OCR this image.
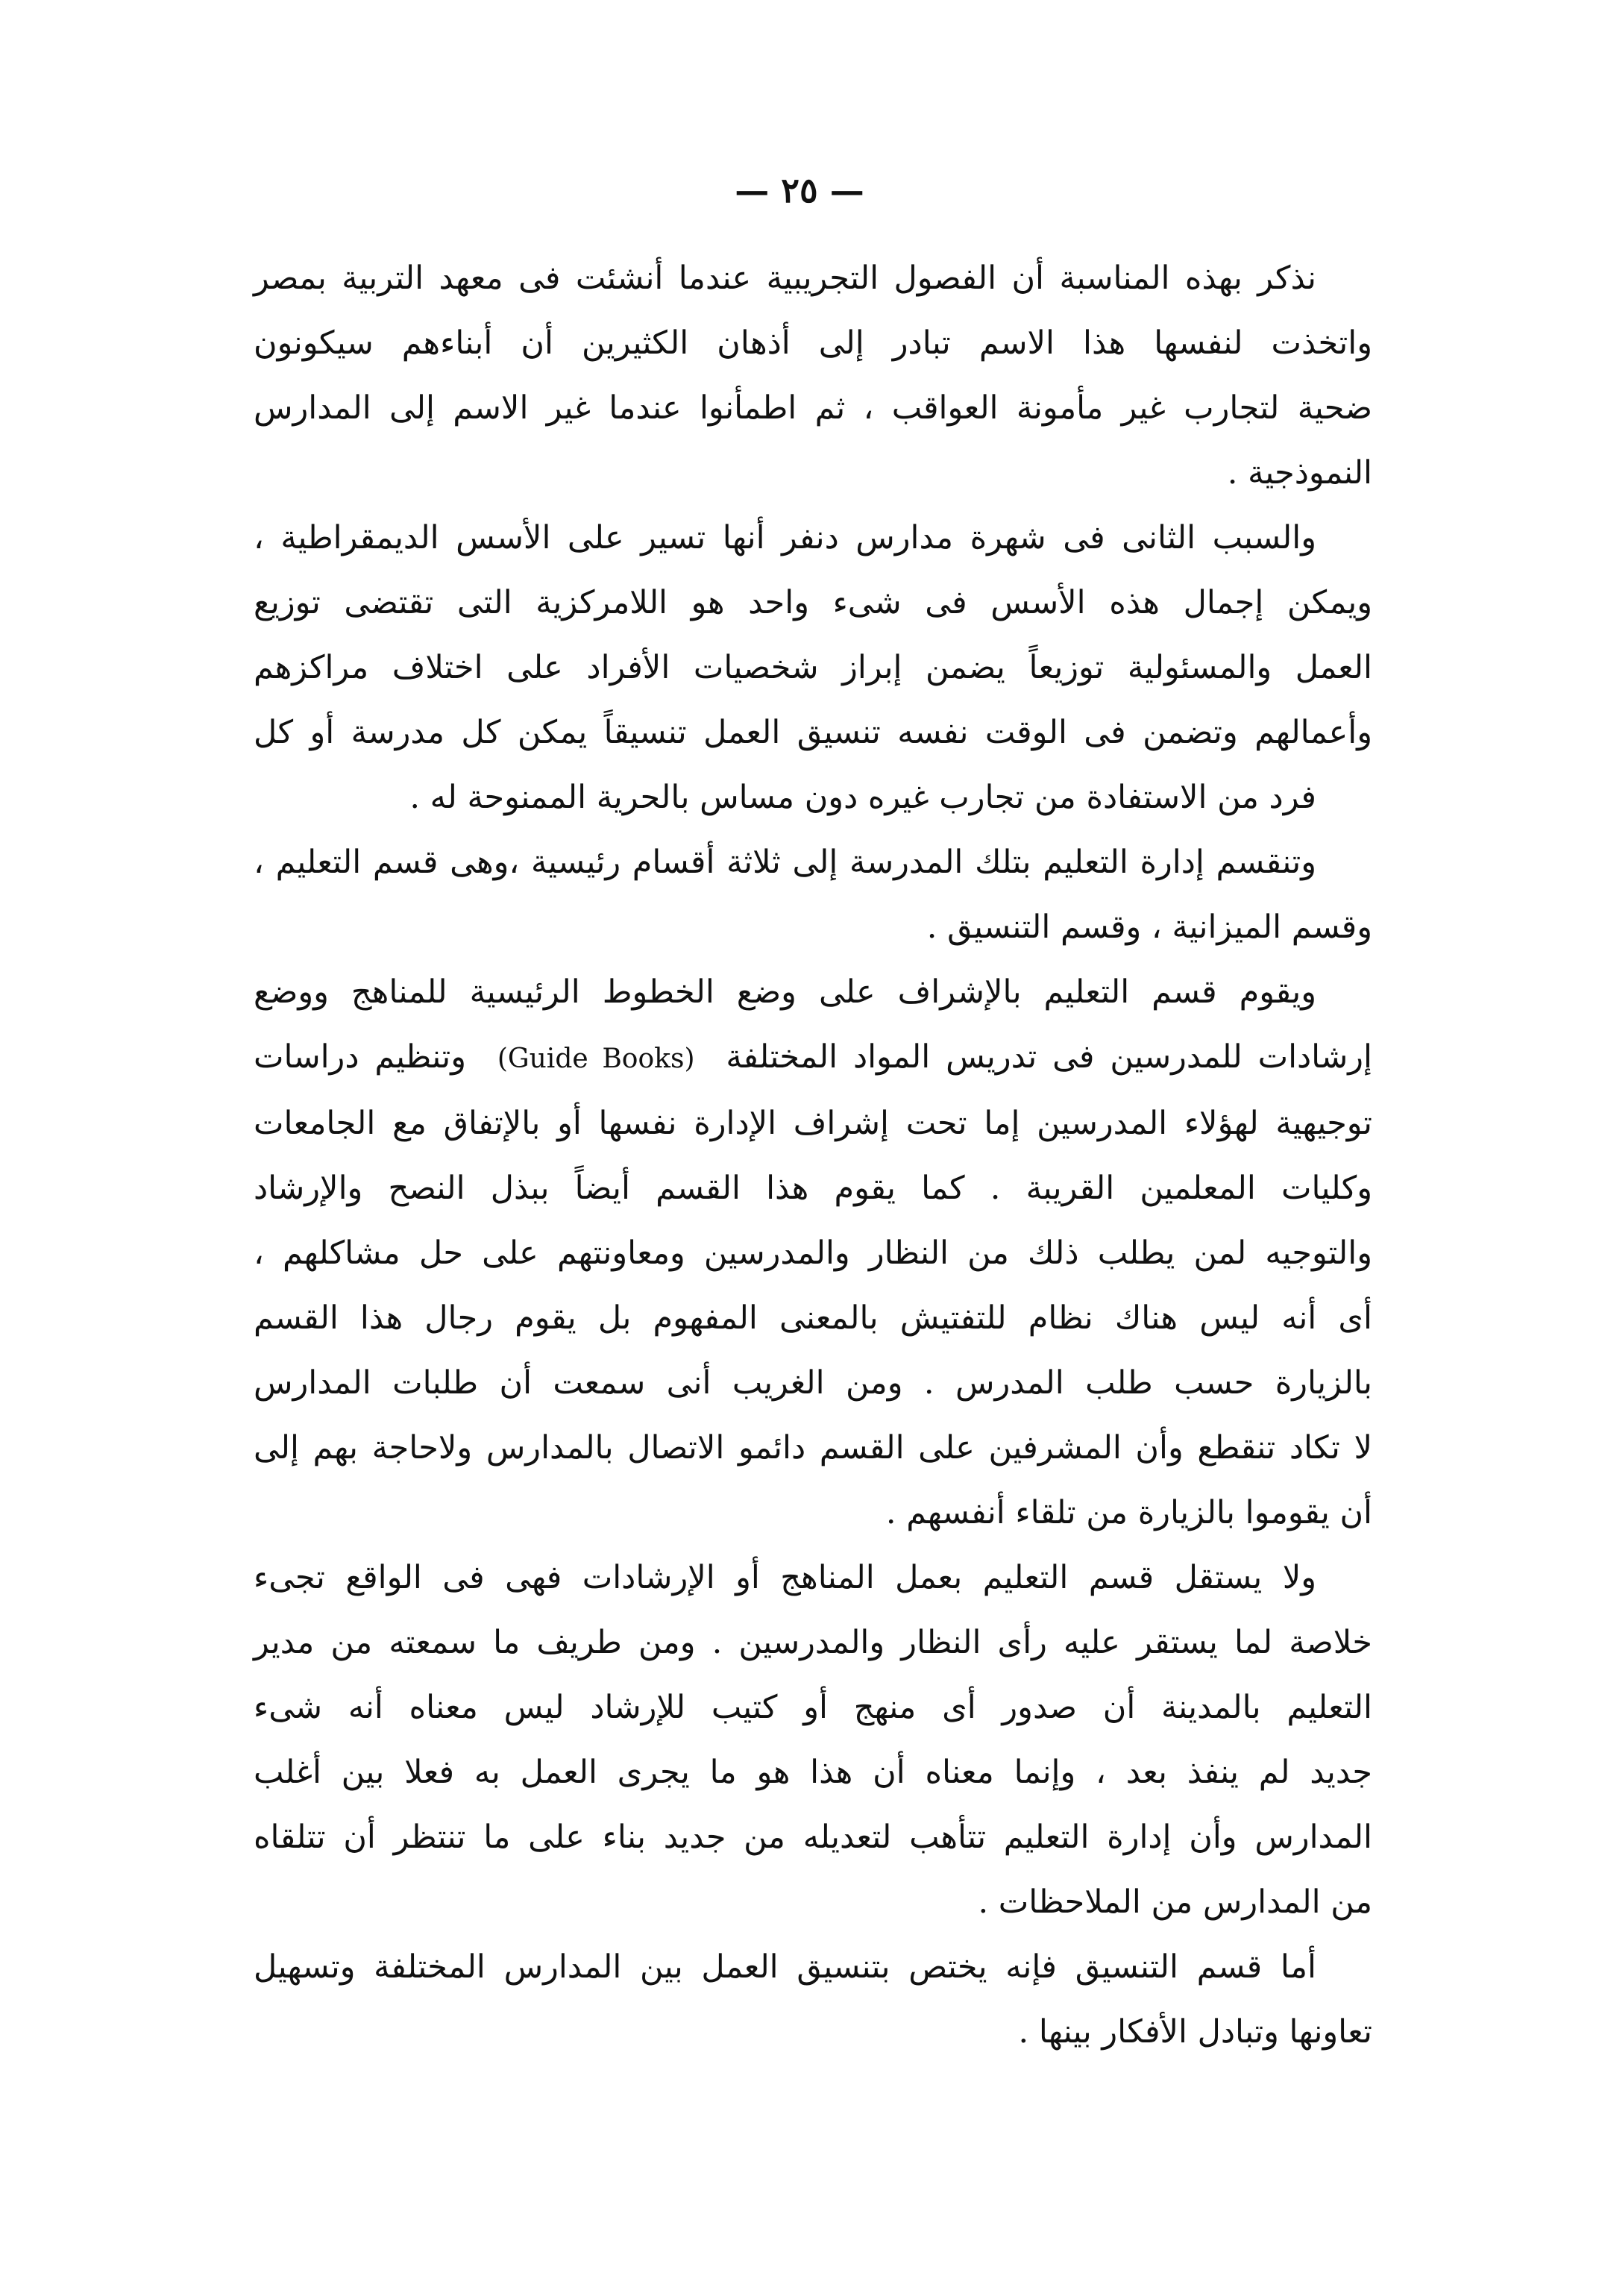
— ٢٥ —
نذكر بهذه المناسبة أن الفصول التجريبية عندما أنشئت فى معهد التربية بمصر
واتخذت لنفسها هذا الاسم تبادر إلى أذهان الكثيرين أن أبناءهم سيكونون
ضحية لتجارب غير مأمونة العواقب ، ثم اطمأنوا عندما غير الاسم إلى المدارس
النموذجية .
والسبب الثانى فى شهرة مدارس دنفر أنها تسير على الأسس الديمقراطية ،
ويمكن إجمال هذه الأسس فى شىء واحد هو اللامركزية التى تقتضى توزيع
العمل والمسئولية توزيعاً يضمن إبراز شخصيات الأفراد على اختلاف مراكزهم
وأعمالهم وتضمن فى الوقت نفسه تنسيق العمل تنسيقاً يمكن كل مدرسة أو كل
فرد من الاستفادة من تجارب غيره دون مساس بالحرية الممنوحة له .
وتنقسم إدارة التعليم بتلك المدرسة إلى ثلاثة أقسام رئيسية ،وهى قسم التعليم ،
وقسم الميزانية ، وقسم التنسيق .
ويقوم قسم التعليم بالإشراف على وضع الخطوط الرئيسية للمناهج ووضع
إرشادات للمدرسين فى تدريس المواد المختلفة  (Guide Books)  وتنظيم دراسات
توجيهية لهؤلاء المدرسين إما تحت إشراف الإدارة نفسها أو بالإتفاق مع الجامعات
وكليات المعلمين القريبة . كما يقوم هذا القسم أيضاً ببذل النصح والإرشاد
والتوجيه لمن يطلب ذلك من النظار والمدرسين ومعاونتهم على حل مشاكلهم ،
أى أنه ليس هناك نظام للتفتيش بالمعنى المفهوم بل يقوم رجال هذا القسم
بالزيارة حسب طلب المدرس . ومن الغريب أنى سمعت أن طلبات المدارس
لا تكاد تنقطع وأن المشرفين على القسم دائمو الاتصال بالمدارس ولاحاجة بهم إلى
أن يقوموا بالزيارة من تلقاء أنفسهم .
ولا يستقل قسم التعليم بعمل المناهج أو الإرشادات فهى فى الواقع تجىء
خلاصة لما يستقر عليه رأى النظار والمدرسين . ومن طريف ما سمعته من مدير
التعليم بالمدينة أن صدور أى منهج أو كتيب للإرشاد ليس معناه أنه شىء
جديد لم ينفذ بعد ، وإنما معناه أن هذا هو ما يجرى العمل به فعلا بين أغلب
المدارس وأن إدارة التعليم تتأهب لتعديله من جديد بناء على ما تنتظر أن تتلقاه
من المدارس من الملاحظات .
أما قسم التنسيق فإنه يختص بتنسيق العمل بين المدارس المختلفة وتسهيل
تعاونها وتبادل الأفكار بينها .
